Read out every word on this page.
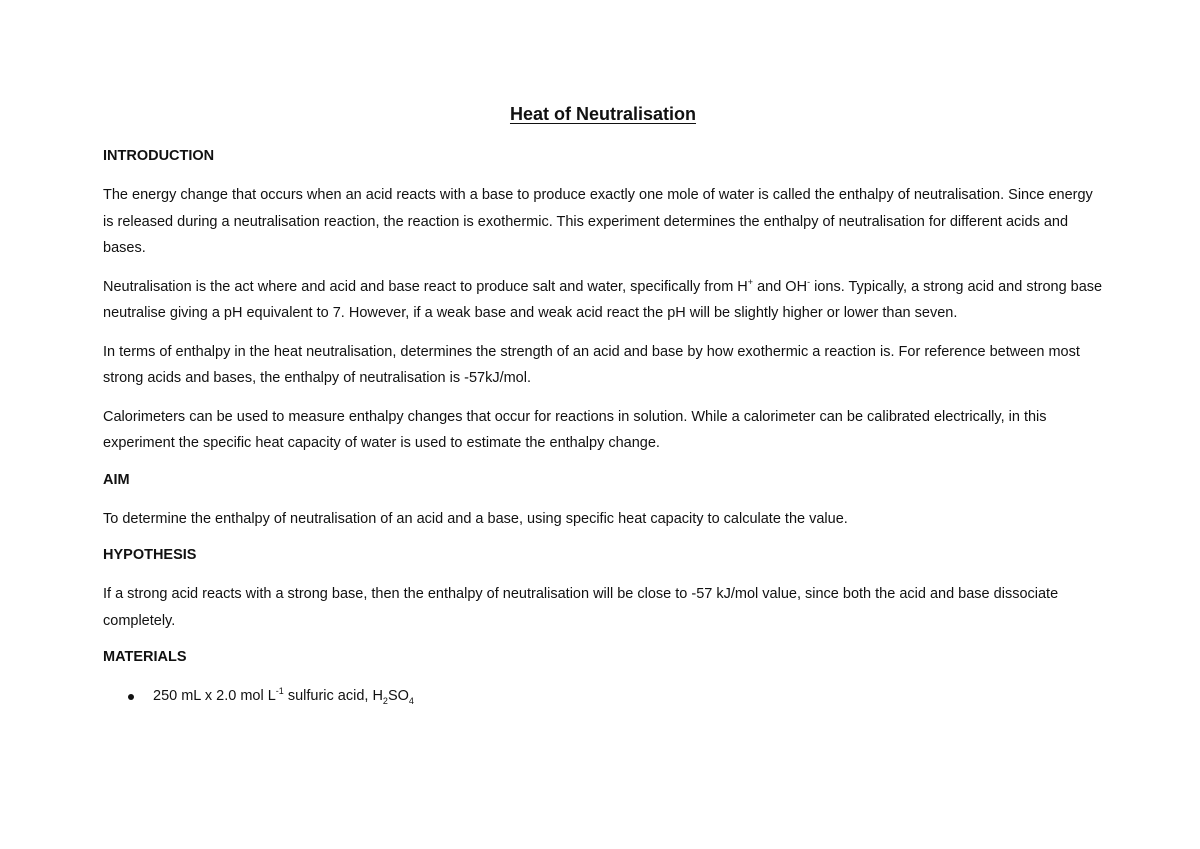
Heat of Neutralisation
INTRODUCTION

The energy change that occurs when an acid reacts with a base to produce exactly one mole of water is called the enthalpy of neutralisation. Since energy is released during a neutralisation reaction, the reaction is exothermic. This experiment determines the enthalpy of neutralisation for different acids and bases.

Neutralisation is the act where and acid and base react to produce salt and water, specifically from H+ and OH- ions. Typically, a strong acid and strong base neutralise giving a pH equivalent to 7. However, if a weak base and weak acid react the pH will be slightly higher or lower than seven.

In terms of enthalpy in the heat neutralisation, determines the strength of an acid and base by how exothermic a reaction is. For reference between most strong acids and bases, the enthalpy of neutralisation is -57kJ/mol.

Calorimeters can be used to measure enthalpy changes that occur for reactions in solution. While a calorimeter can be calibrated electrically, in this experiment the specific heat capacity of water is used to estimate the enthalpy change.

AIM

To determine the enthalpy of neutralisation of an acid and a base, using specific heat capacity to calculate the value.

HYPOTHESIS

If a strong acid reacts with a strong base, then the enthalpy of neutralisation will be close to -57 kJ/mol value, since both the acid and base dissociate completely.

MATERIALS
250 mL x 2.0 mol $L^{-1}$ sulfuric acid, $H_2SO_4$
